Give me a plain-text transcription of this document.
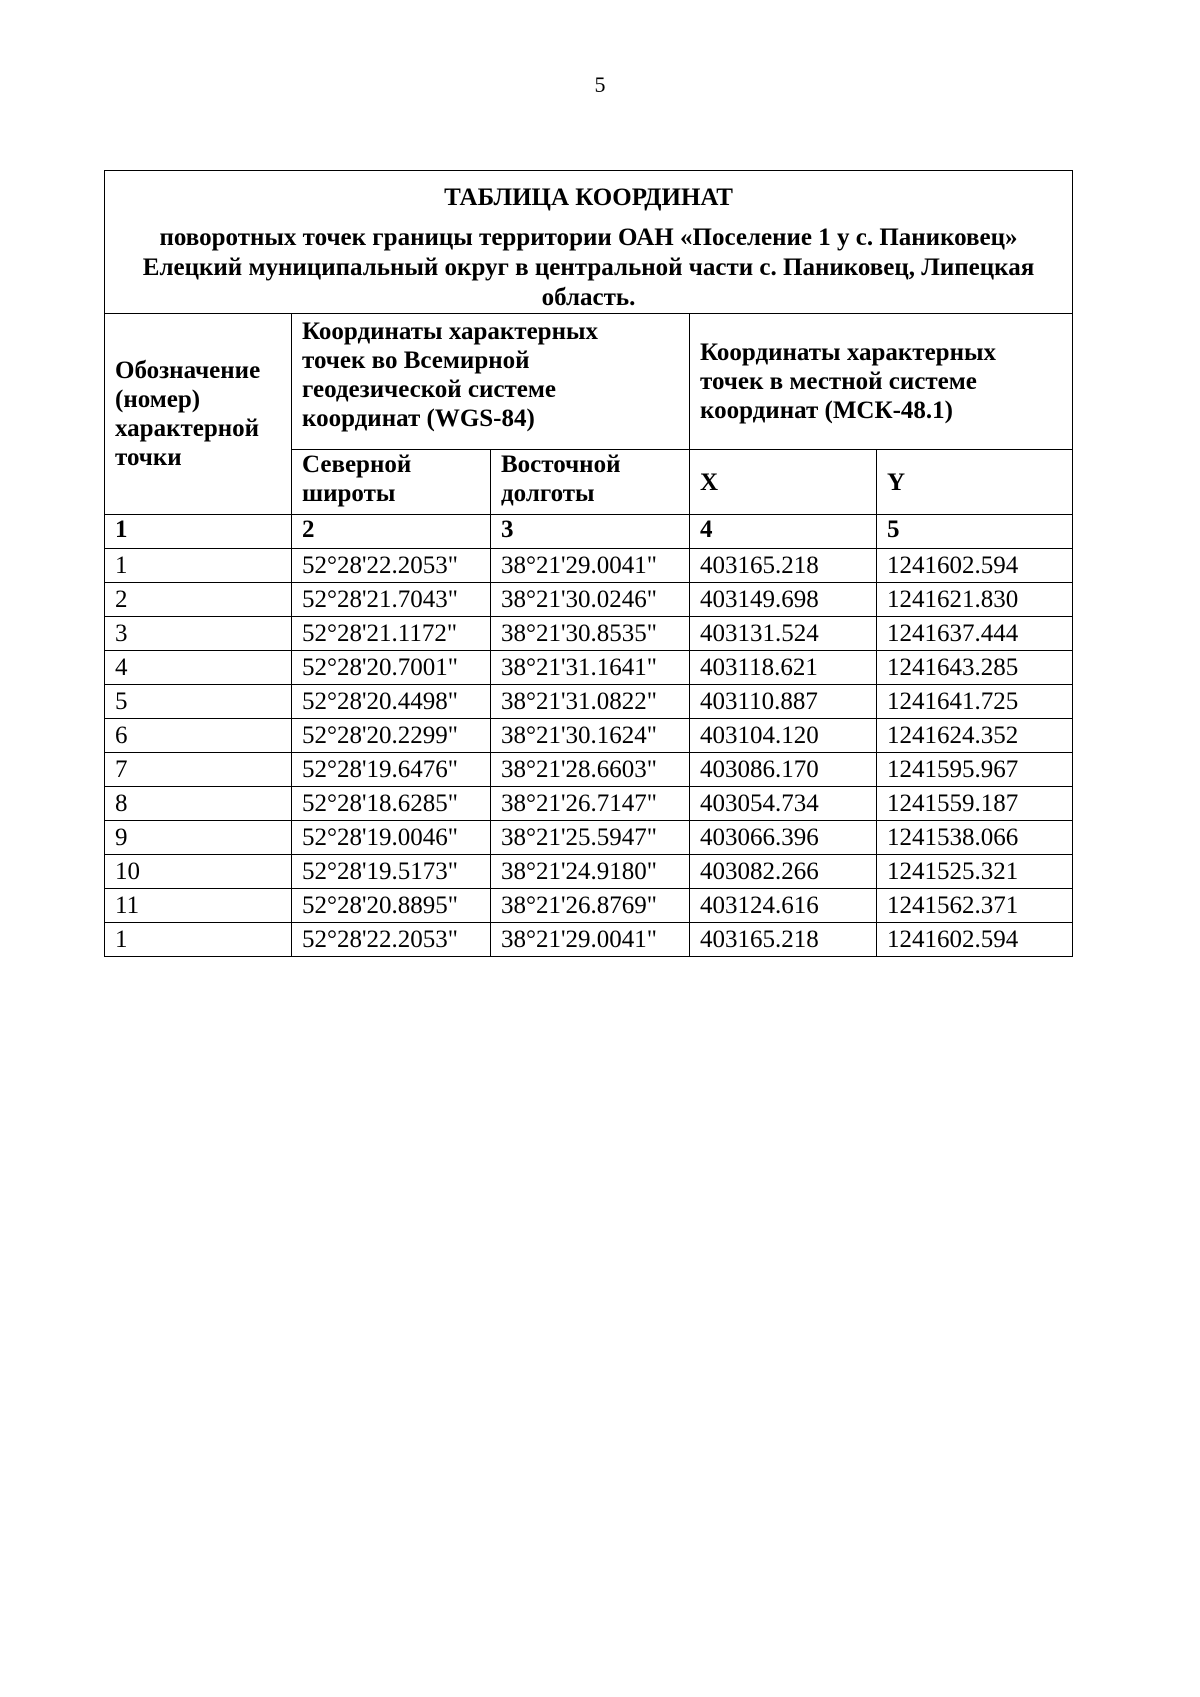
5
ТАБЛИЦА КООРДИНАТ
поворотных точек границы территории ОАН «Поселение 1 у с. Паниковец» Елецкий муниципальный округ в центральной части с. Паниковец, Липецкая область.				

Обозначение (номер) характерной точки	Координаты характерных точек во Всемирной геодезической системе координат (WGS-84)		Координаты характерных точек в местной системе координат (МСК-48.1)	
	Северной широты	Восточной долготы	X	Y
1	2	3	4	5
1	52°28'22.2053"	38°21'29.0041"	403165.218	1241602.594
2	52°28'21.7043"	38°21'30.0246"	403149.698	1241621.830
3	52°28'21.1172"	38°21'30.8535"	403131.524	1241637.444
4	52°28'20.7001"	38°21'31.1641"	403118.621	1241643.285
5	52°28'20.4498"	38°21'31.0822"	403110.887	1241641.725
6	52°28'20.2299"	38°21'30.1624"	403104.120	1241624.352
7	52°28'19.6476"	38°21'28.6603"	403086.170	1241595.967
8	52°28'18.6285"	38°21'26.7147"	403054.734	1241559.187
9	52°28'19.0046"	38°21'25.5947"	403066.396	1241538.066
10	52°28'19.5173"	38°21'24.9180"	403082.266	1241525.321
11	52°28'20.8895"	38°21'26.8769"	403124.616	1241562.371
1	52°28'22.2053"	38°21'29.0041"	403165.218	1241602.594
